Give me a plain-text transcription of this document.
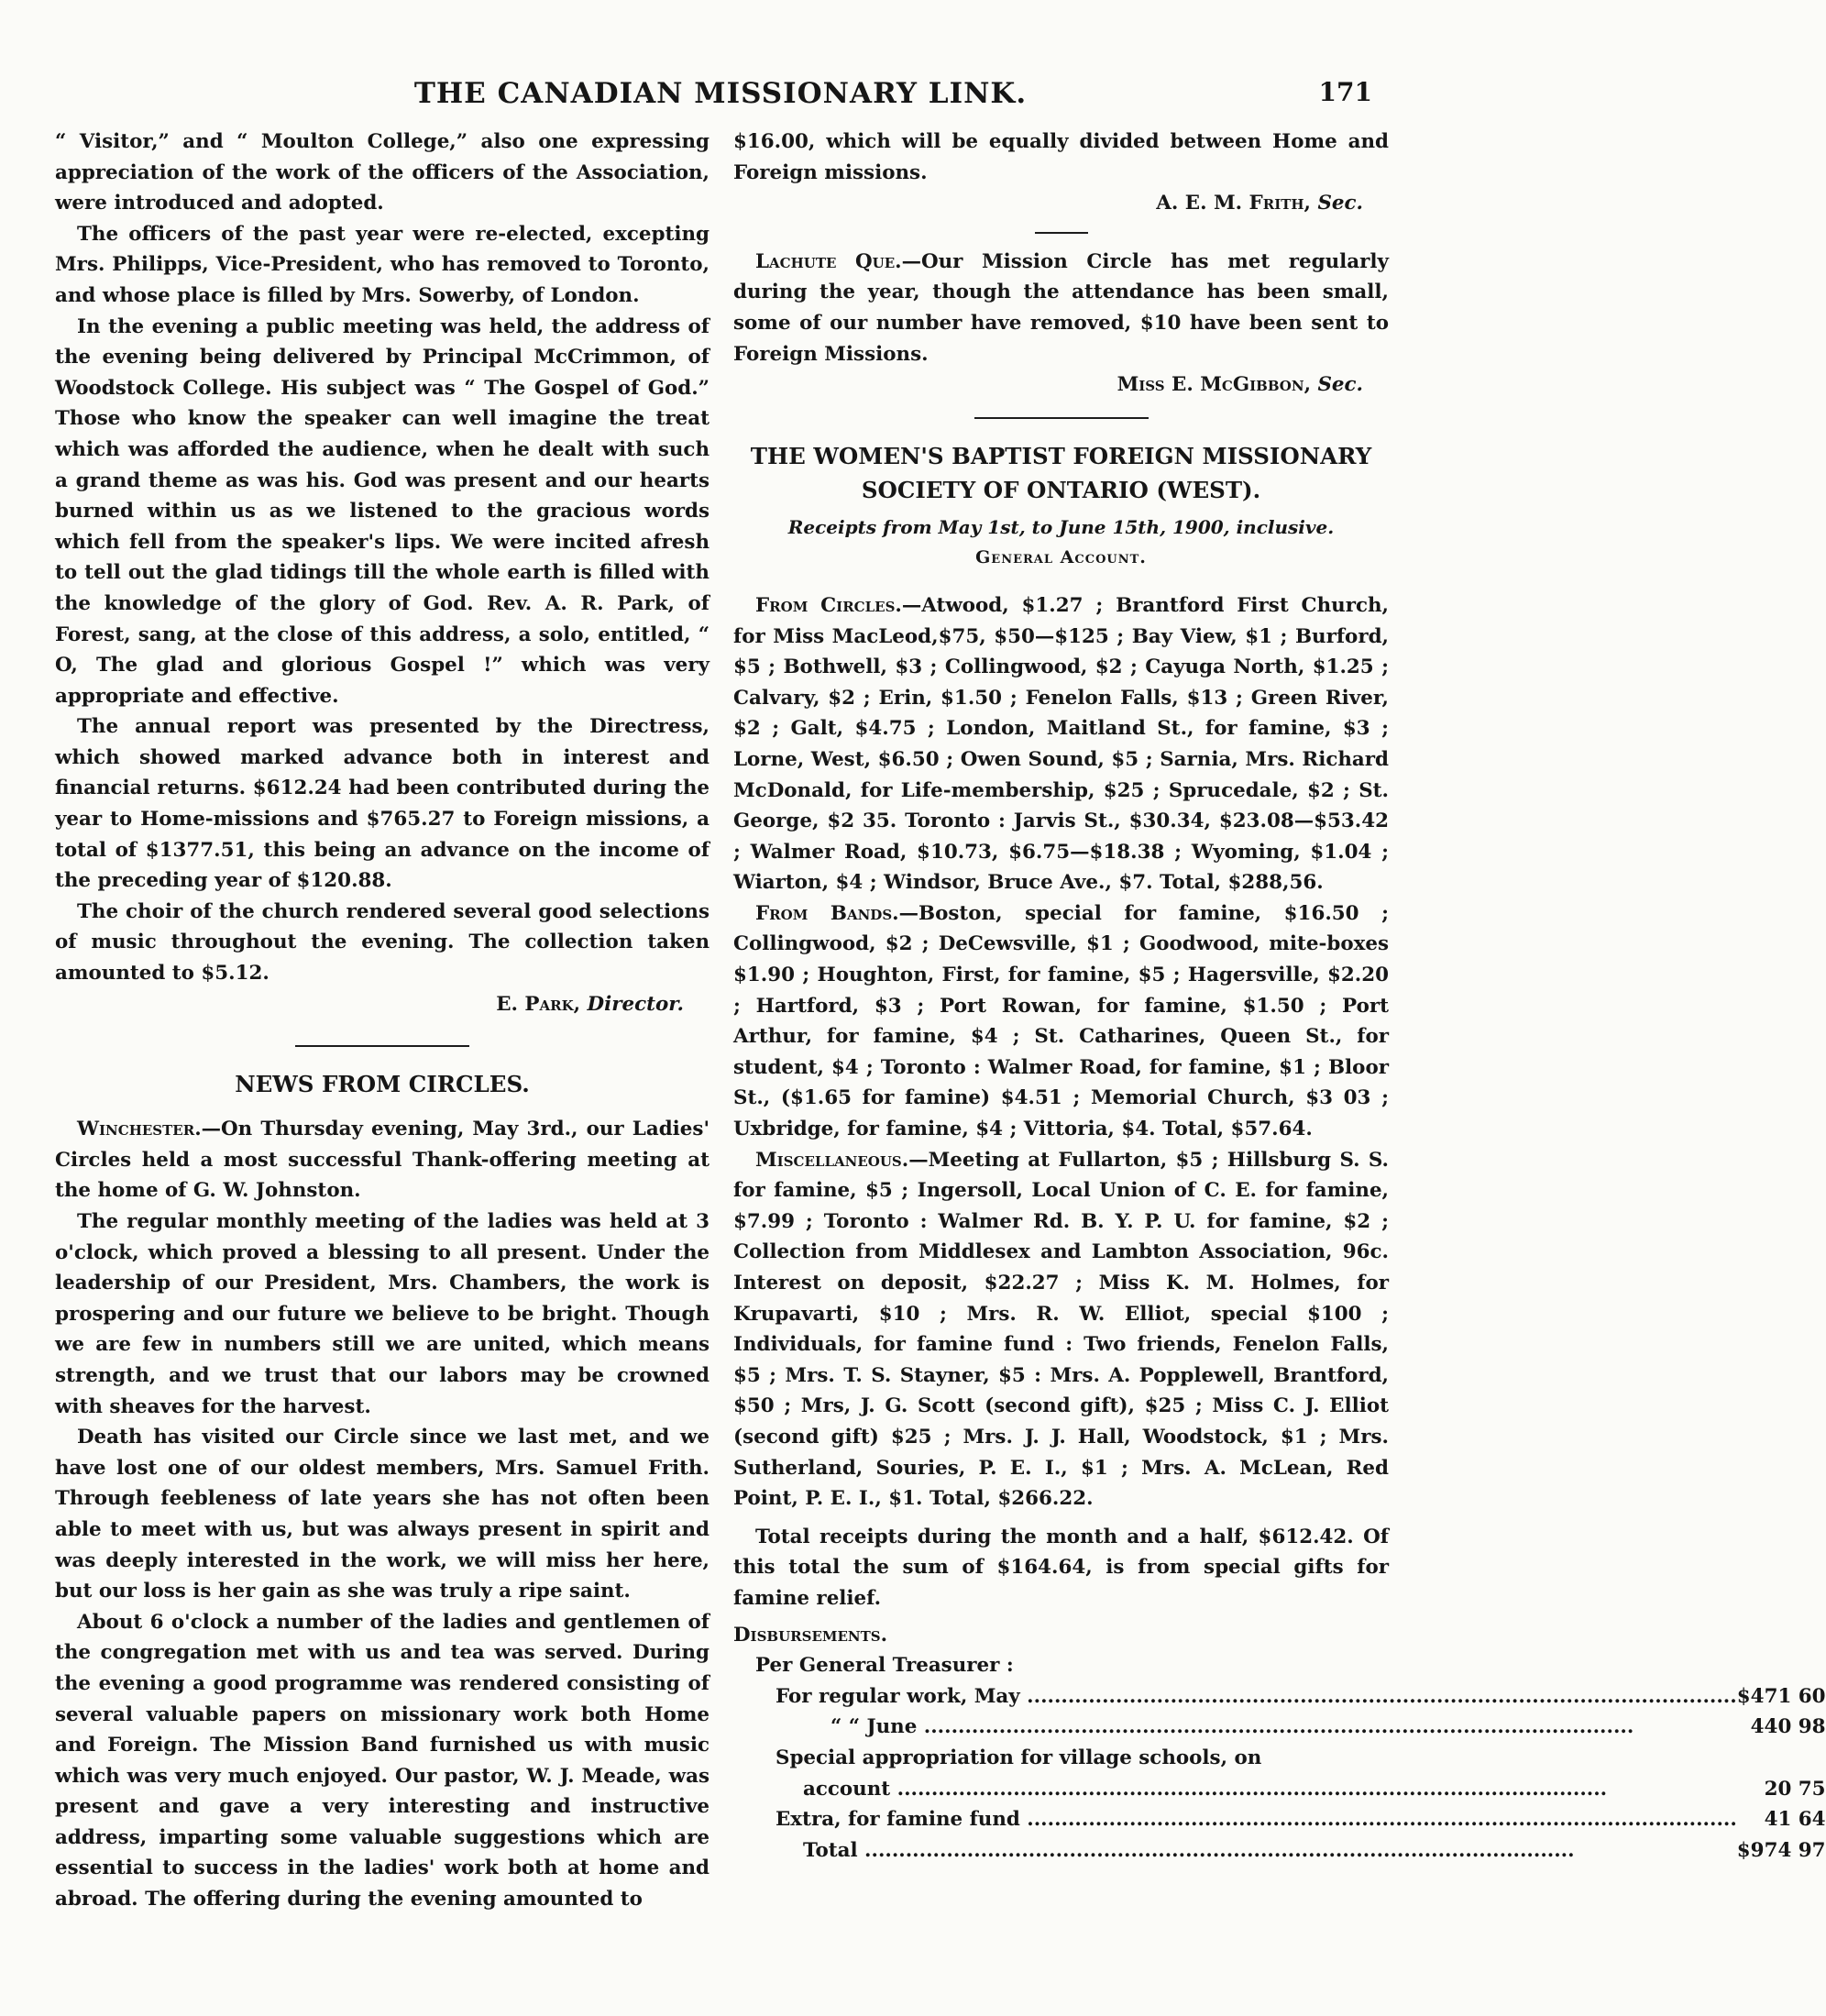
THE CANADIAN MISSIONARY LINK.	171

“ Visitor,” and “ Moulton College,” also one expressing appreciation of the work of the officers of the Association, were introduced and adopted.

The officers of the past year were re-elected, excepting Mrs. Philipps, Vice-President, who has removed to Toronto, and whose place is filled by Mrs. Sowerby, of London.

In the evening a public meeting was held, the address of the evening being delivered by Principal McCrimmon, of Woodstock College. His subject was “ The Gospel of God.” Those who know the speaker can well imagine the treat which was afforded the audience, when he dealt with such a grand theme as was his. God was present and our hearts burned within us as we listened to the gracious words which fell from the speaker's lips. We were incited afresh to tell out the glad tidings till the whole earth is filled with the knowledge of the glory of God. Rev. A. R. Park, of Forest, sang, at the close of this address, a solo, entitled, “ O, The glad and glorious Gospel !” which was very appropriate and effective.

The annual report was presented by the Directress, which showed marked advance both in interest and financial returns. $612.24 had been contributed during the year to Home-missions and $765.27 to Foreign missions, a total of $1377.51, this being an advance on the income of the preceding year of $120.88.

The choir of the church rendered several good selections of music throughout the evening. The collection taken amounted to $5.12.

E. Park, Director.
NEWS FROM CIRCLES.

Winchester.—On Thursday evening, May 3rd., our Ladies' Circles held a most successful Thank-offering meeting at the home of G. W. Johnston.

The regular monthly meeting of the ladies was held at 3 o'clock, which proved a blessing to all present. Under the leadership of our President, Mrs. Chambers, the work is prospering and our future we believe to be bright. Though we are few in numbers still we are united, which means strength, and we trust that our labors may be crowned with sheaves for the harvest.

Death has visited our Circle since we last met, and we have lost one of our oldest members, Mrs. Samuel Frith. Through feebleness of late years she has not often been able to meet with us, but was always present in spirit and was deeply interested in the work, we will miss her here, but our loss is her gain as she was truly a ripe saint.

About 6 o'clock a number of the ladies and gentlemen of the congregation met with us and tea was served. During the evening a good programme was rendered consisting of several valuable papers on missionary work both Home and Foreign. The Mission Band furnished us with music which was very much enjoyed. Our pastor, W. J. Meade, was present and gave a very interesting and instructive address, imparting some valuable suggestions which are essential to success in the ladies' work both at home and abroad. The offering during the evening amounted to

$16.00, which will be equally divided between Home and Foreign missions.

A. E. M. Frith, Sec.

Lachute Que.—Our Mission Circle has met regularly during the year, though the attendance has been small, some of our number have removed, $10 have been sent to Foreign Missions.

Miss E. McGibbon, Sec.
THE WOMEN'S BAPTIST FOREIGN MISSIONARY
SOCIETY OF ONTARIO (WEST).
Receipts from May 1st, to June 15th, 1900, inclusive.
General Account.

From Circles.—Atwood, $1.27 ; Brantford First Church, for Miss MacLeod,$75, $50—$125 ; Bay View, $1 ; Burford, $5 ; Bothwell, $3 ; Collingwood, $2 ; Cayuga North, $1.25 ; Calvary, $2 ; Erin, $1.50 ; Fenelon Falls, $13 ; Green River, $2 ; Galt, $4.75 ; London, Maitland St., for famine, $3 ; Lorne, West, $6.50 ; Owen Sound, $5 ; Sarnia, Mrs. Richard McDonald, for Life-membership, $25 ; Sprucedale, $2 ; St. George, $2 35. Toronto : Jarvis St., $30.34, $23.08—$53.42 ; Walmer Road, $10.73, $6.75—$18.38 ; Wyoming, $1.04 ; Wiarton, $4 ; Windsor, Bruce Ave., $7. Total, $288,56.

From Bands.—Boston, special for famine, $16.50 ; Collingwood, $2 ; DeCewsville, $1 ; Goodwood, mite-boxes $1.90 ; Houghton, First, for famine, $5 ; Hagersville, $2.20 ; Hartford, $3 ; Port Rowan, for famine, $1.50 ; Port Arthur, for famine, $4 ; St. Catharines, Queen St., for student, $4 ; Toronto : Walmer Road, for famine, $1 ; Bloor St., ($1.65 for famine) $4.51 ; Memorial Church, $3 03 ; Uxbridge, for famine, $4 ; Vittoria, $4. Total, $57.64.

Miscellaneous.—Meeting at Fullarton, $5 ; Hillsburg S. S. for famine, $5 ; Ingersoll, Local Union of C. E. for famine, $7.99 ; Toronto : Walmer Rd. B. Y. P. U. for famine, $2 ; Collection from Middlesex and Lambton Association, 96c. Interest on deposit, $22.27 ; Miss K. M. Holmes, for Krupavarti, $10 ; Mrs. R. W. Elliot, special $100 ; Individuals, for famine fund : Two friends, Fenelon Falls, $5 ; Mrs. T. S. Stayner, $5 : Mrs. A. Popplewell, Brantford, $50 ; Mrs, J. G. Scott (second gift), $25 ; Miss C. J. Elliot (second gift) $25 ; Mrs. J. J. Hall, Woodstock, $1 ; Mrs. Sutherland, Souries, P. E. I., $1 ; Mrs. A. McLean, Red Point, P. E. I., $1. Total, $266.22.

Total receipts during the month and a half, $612.42. Of this total the sum of $164.64, is from special gifts for famine relief.

Disbursements.
Per General Treasurer :
For regular work, May .....	$471 60
“ “ June .....	440 98
Special appropriation for village schools, on	
account .....	20 75
Extra, for famine fund .....	41 64
Total .....	$974 97
